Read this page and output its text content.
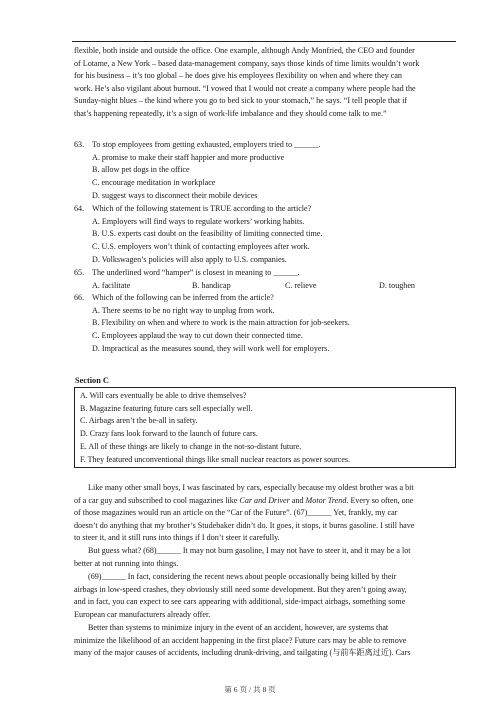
flexible, both inside and outside the office. One example, although Andy Monfried, the CEO and founder
of Lotame, a New York – based data-management company, says those kinds of time limits wouldn’t work
for his business – it’s too global – he does give his employees flexibility on when and where they can
work. He’s also vigilant about burnout. “I vowed that I would not create a company where people had the
Sunday-night blues – the kind where you go to bed sick to your stomach,” he says. “I tell people that if
that’s happening repeatedly, it’s a sign of work-life imbalance and they should come talk to me.”
63. To stop employees from getting exhausted, employers tried to ______.
A. promise to make their staff happier and more productive
B. allow pet dogs in the office
C. encourage meditation in workplace
D. suggest ways to disconnect their mobile devices
64. Which of the following statement is TRUE according to the article?
A. Employers will find ways to regulate workers’ working habits.
B. U.S. experts cast doubt on the feasibility of limiting connected time.
C. U.S. employers won’t think of contacting employees after work.
D. Volkswagen’s policies will also apply to U.S. companies.
65. The underlined word “hamper” is closest in meaning to ______.
A. facilitate	B. handicap	C. relieve	D. toughen
66. Which of the following can be inferred from the article?
A. There seems to be no right way to unplug from work.
B. Flexibility on when and where to work is the main attraction for job-seekers.
C. Employees applaud the way to cut down their connected time.
D. Impractical as the measures sound, they will work well for employers.
Section C
A. Will cars eventually be able to drive themselves?
B. Magazine featuring future cars sell especially well.
C. Airbags aren’t the be-all in safety.
D. Crazy fans look forward to the launch of future cars.
E. All of these things are likely to change in the not-so-distant future.
F. They featured unconventional things like small nuclear reactors as power sources.
Like many other small boys, I was fascinated by cars, especially because my oldest brother was a bit
of a car guy and subscribed to cool magazines like Car and Driver and Motor Trend. Every so often, one
of those magazines would run an article on the “Car of the Future”. (67)______ Yet, frankly, my car
doesn’t do anything that my brother’s Studebaker didn’t do. It goes, it stops, it burns gasoline. I still have
to steer it, and it still runs into things if I don’t steer it carefully.
But guess what? (68)______ It may not burn gasoline, I may not have to steer it, and it may be a lot
better at not running into things.
(69)______ In fact, considering the recent news about people occasionally being killed by their
airbags in low-speed crashes, they obviously still need some development. But they aren’t going away,
and in fact, you can expect to see cars appearing with additional, side-impact airbags, something some
European car manufacturers already offer.
Better than systems to minimize injury in the event of an accident, however, are systems that
minimize the likelihood of an accident happening in the first place? Future cars may be able to remove
many of the major causes of accidents, including drunk-driving, and tailgating (与前车距离过近). Cars
第 6 页 / 共 8 页
